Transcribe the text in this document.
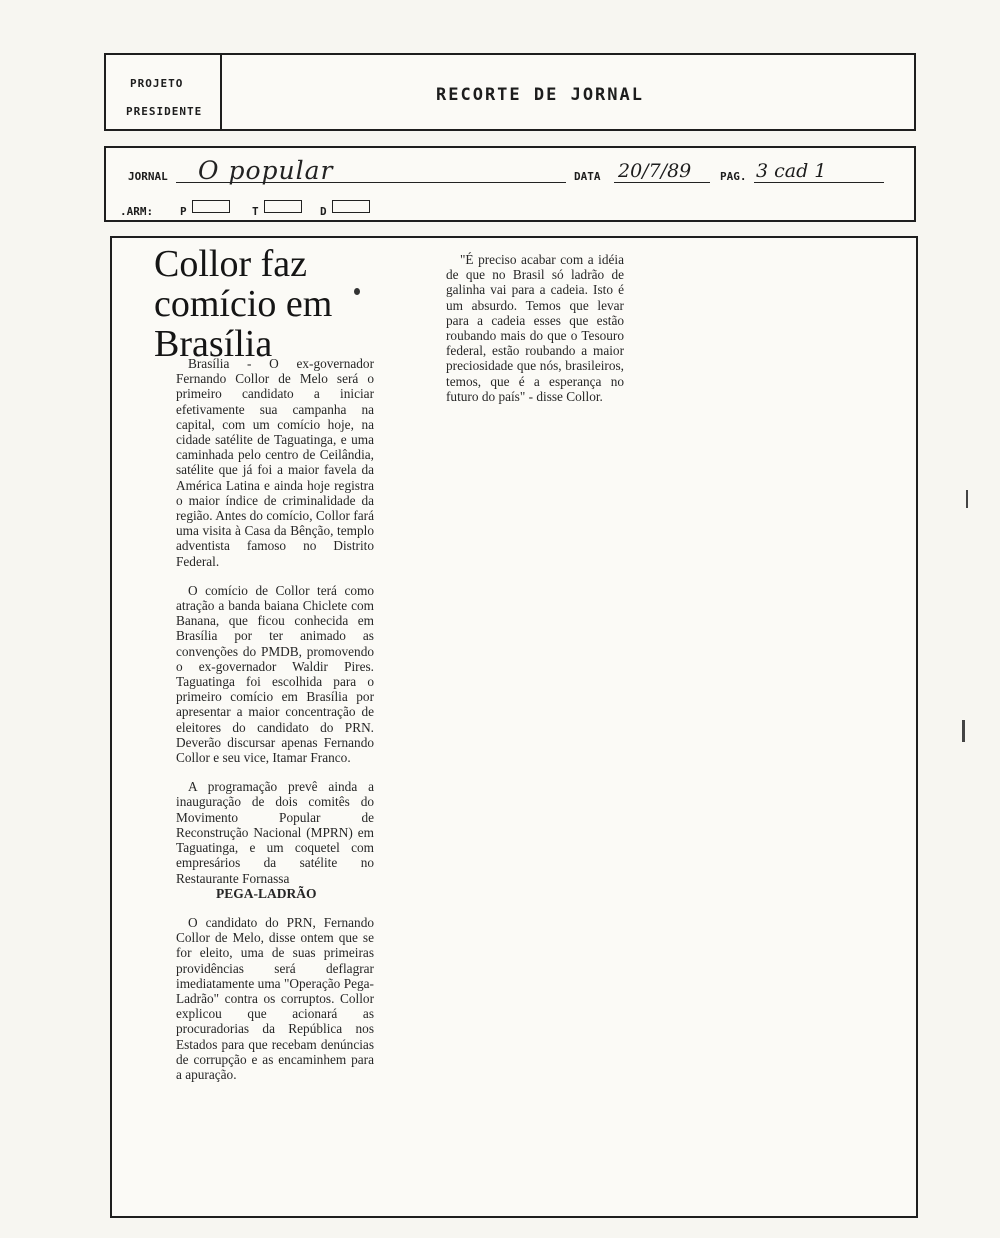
PROJETO
PRESIDENTE
RECORTE DE JORNAL
JORNAL O popular	DATA 20/7/89	PAG. 3 cad 1
.ARM: P	T	D
Collor faz comício em Brasília

Brasília - O ex-governador Fernando Collor de Melo será o primeiro candidato a iniciar efetivamente sua campanha na capital, com um comício hoje, na cidade satélite de Taguatinga, e uma caminhada pelo centro de Ceilândia, satélite que já foi a maior favela da América Latina e ainda hoje registra o maior índice de criminalidade da região. Antes do comício, Collor fará uma visita à Casa da Bênção, templo adventista famoso no Distrito Federal.

O comício de Collor terá como atração a banda baiana Chiclete com Banana, que ficou conhecida em Brasília por ter animado as convenções do PMDB, promovendo o ex-governador Waldir Pires. Taguatinga foi escolhida para o primeiro comício em Brasília por apresentar a maior concentração de eleitores do candidato do PRN. Deverão discursar apenas Fernando Collor e seu vice, Itamar Franco.

A programação prevê ainda a inauguração de dois comitês do Movimento Popular de Reconstrução Nacional (MPRN) em Taguatinga, e um coquetel com empresários da satélite no Restaurante Fornassa

PEGA-LADRÃO

O candidato do PRN, Fernando Collor de Melo, disse ontem que se for eleito, uma de suas primeiras providências será deflagrar imediatamente uma "Operação Pega-Ladrão" contra os corruptos. Collor explicou que acionará as procuradorias da República nos Estados para que recebam denúncias de corrupção e as encaminhem para a apuração.

"É preciso acabar com a idéia de que no Brasil só ladrão de galinha vai para a cadeia. Isto é um absurdo. Temos que levar para a cadeia esses que estão roubando mais do que o Tesouro federal, estão roubando a maior preciosidade que nós, brasileiros, temos, que é a esperança no futuro do país" - disse Collor.
